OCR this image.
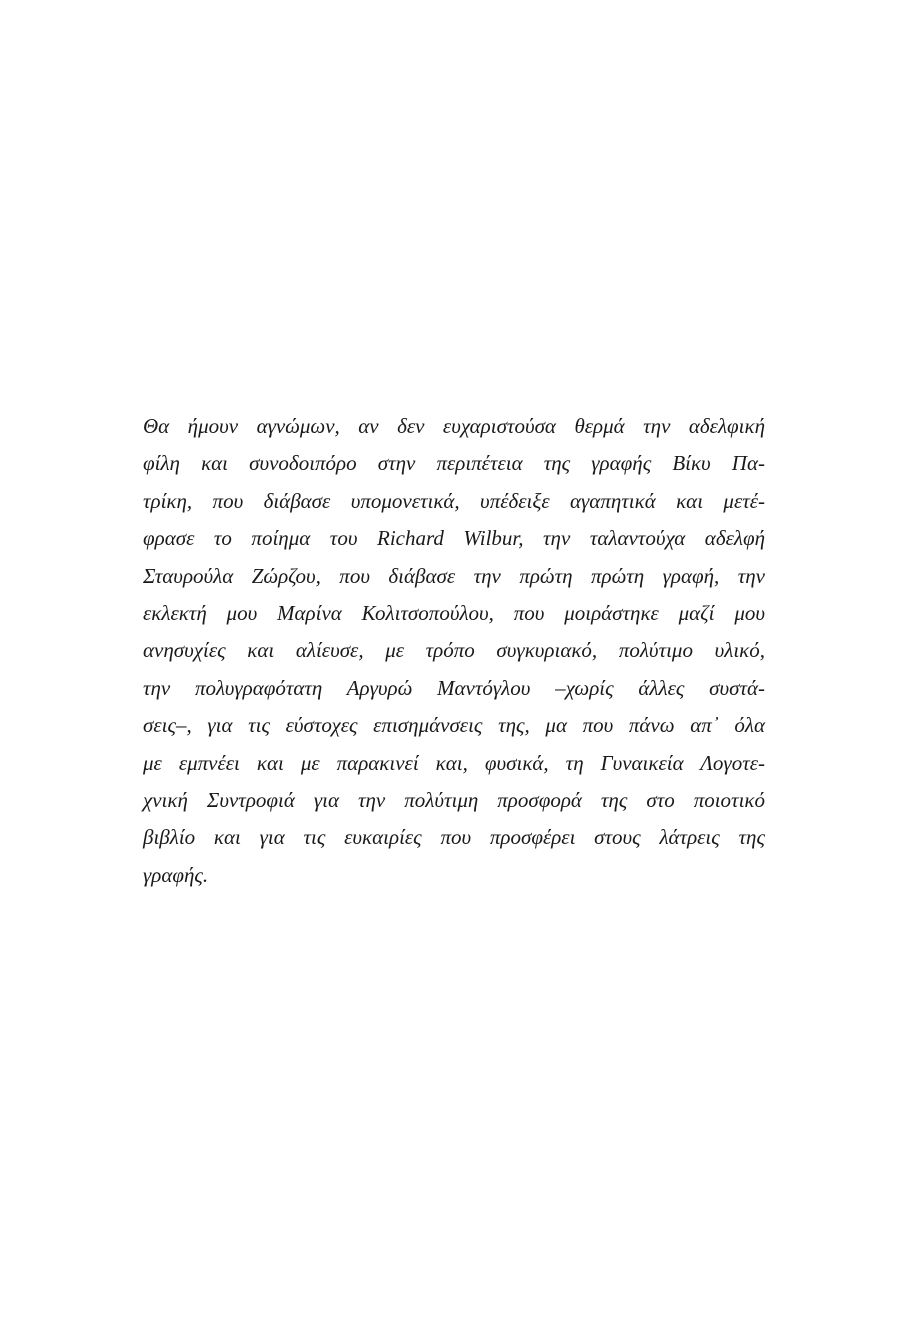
Θα ήμουν αγνώμων, αν δεν ευχαριστούσα θερμά την αδελφική
φίλη και συνοδοιπόρο στην περιπέτεια της γραφής Βίκυ Πα-
τρίκη, που διάβασε υπομονετικά, υπέδειξε αγαπητικά και μετέ-
φρασε το ποίημα του Richard Wilbur, την ταλαντούχα αδελφή
Σταυρούλα Ζώρζου, που διάβασε την πρώτη πρώτη γραφή, την
εκλεκτή μου Μαρίνα Κολιτσοπούλου, που μοιράστηκε μαζί μου
ανησυχίες και αλίευσε, με τρόπο συγκυριακό, πολύτιμο υλικό,
την πολυγραφότατη Αργυρώ Μαντόγλου –χωρίς άλλες συστά-
σεις–, για τις εύστοχες επισημάνσεις της, μα που πάνω απ᾽ όλα
με εμπνέει και με παρακινεί και, φυσικά, τη Γυναικεία Λογοτε-
χνική Συντροφιά για την πολύτιμη προσφορά της στο ποιοτικό
βιβλίο και για τις ευκαιρίες που προσφέρει στους λάτρεις της
γραφής.
